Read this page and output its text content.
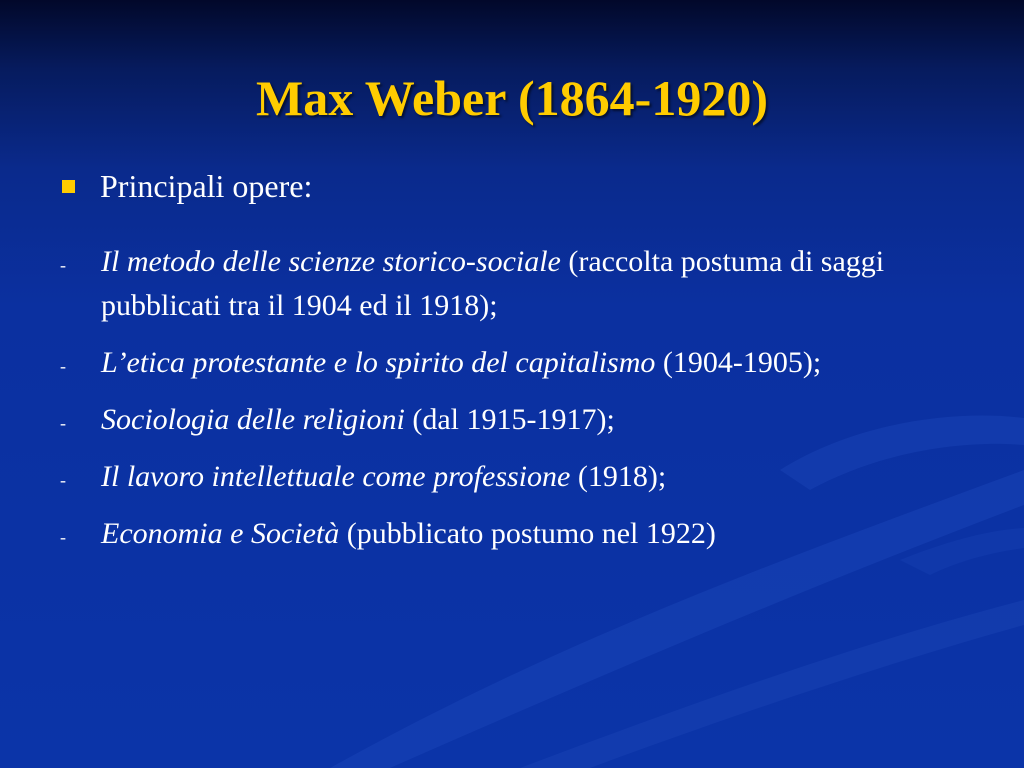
Max Weber (1864-1920)
Principali opere:
- Il metodo delle scienze storico-sociale (raccolta postuma di saggi pubblicati tra il 1904 ed il 1918);
- L’etica protestante e lo spirito del capitalismo (1904-1905);
- Sociologia delle religioni (dal 1915-1917);
- Il lavoro intellettuale come professione (1918);
- Economia e Società (pubblicato postumo nel 1922)
